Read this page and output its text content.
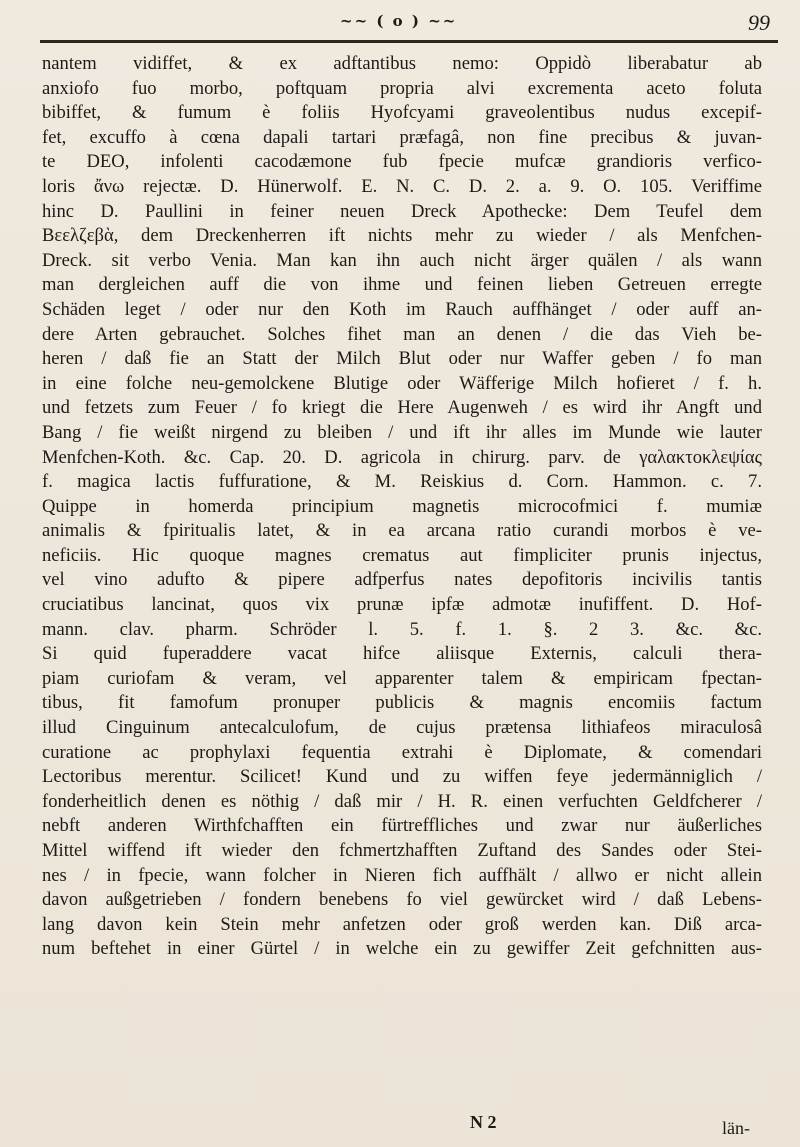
~~ ( o ) ~~	99
nantem vidiffet, & ex adftantibus nemo: Oppidò liberabatur ab
anxiofo fuo morbo, poftquam propria alvi excrementa aceto foluta
bibiffet, & fumum è foliis Hyofcyami graveolentibus nudus excepif-
fet, excuffo à cœna dapali tartari præfagâ, non fine precibus & juvan-
te DEO, infolenti cacodæmone fub fpecie mufcæ grandioris verfico-
loris ἄνω rejectæ. D. Hünerwolf. E. N. C. D. 2. a. 9. O. 105. Veriffime
hinc D. Paullini in feiner neuen Dreck Apothecke: Dem Teufel dem
Βεελζεβὰ, dem Dreckenherren ift nichts mehr zu wieder / als Menfchen-
Dreck. sit verbo Venia. Man kan ihn auch nicht ärger quälen / als wann
man dergleichen auff die von ihme und feinen lieben Getreuen erregte
Schäden leget / oder nur den Koth im Rauch auffhänget / oder auff an-
dere Arten gebrauchet. Solches fihet man an denen / die das Vieh be-
heren / daß fie an Statt der Milch Blut oder nur Waffer geben / fo man
in eine folche neu-gemolckene Blutige oder Wäfferige Milch hofieret / f. h.
und fetzets zum Feuer / fo kriegt die Here Augenweh / es wird ihr Angft und
Bang / fie weißt nirgend zu bleiben / und ift ihr alles im Munde wie lauter
Menfchen-Koth. &c. Cap. 20. D. agricola in chirurg. parv. de γαλακτοκλεψίας
f. magica lactis fuffuratione, & M. Reiskius d. Corn. Hammon. c. 7.
Quippe in homerda principium magnetis microcofmici f. mumiæ
animalis & fpiritualis latet, & in ea arcana ratio curandi morbos è ve-
neficiis. Hic quoque magnes crematus aut fimpliciter prunis injectus,
vel vino adufto & pipere adfperfus nates depofitoris incivilis tantis
cruciatibus lancinat, quos vix prunæ ipfæ admotæ inufiffent. D. Hof-
mann. clav. pharm. Schröder l. 5. f. 1. §. 2 3. &c. &c.
Si quid fuperaddere vacat hifce aliisque Externis, calculi thera-
piam curiofam & veram, vel apparenter talem & empiricam fpectan-
tibus, fit famofum pronuper publicis & magnis encomiis factum
illud Cinguinum antecalculofum, de cujus prætensa lithiafeos miraculosâ
curatione ac prophylaxi fequentia extrahi è Diplomate, & comendari
Lectoribus merentur. Scilicet! Kund und zu wiffen feye jedermänniglich /
fonderheitlich denen es nöthig / daß mir / H. R. einen verfuchten Geldfcherer /
nebft anderen Wirthfchafften ein fürtreffliches und zwar nur äußerliches
Mittel wiffend ift wieder den fchmertzhafften Zuftand des Sandes oder Stei-
nes / in fpecie, wann folcher in Nieren fich auffhält / allwo er nicht allein
davon außgetrieben / fondern benebens fo viel gewürcket wird / daß Lebens-
lang davon kein Stein mehr anfetzen oder groß werden kan. Diß arca-
num beftehet in einer Gürtel / in welche ein zu gewiffer Zeit gefchnitten aus-
N 2	län-
